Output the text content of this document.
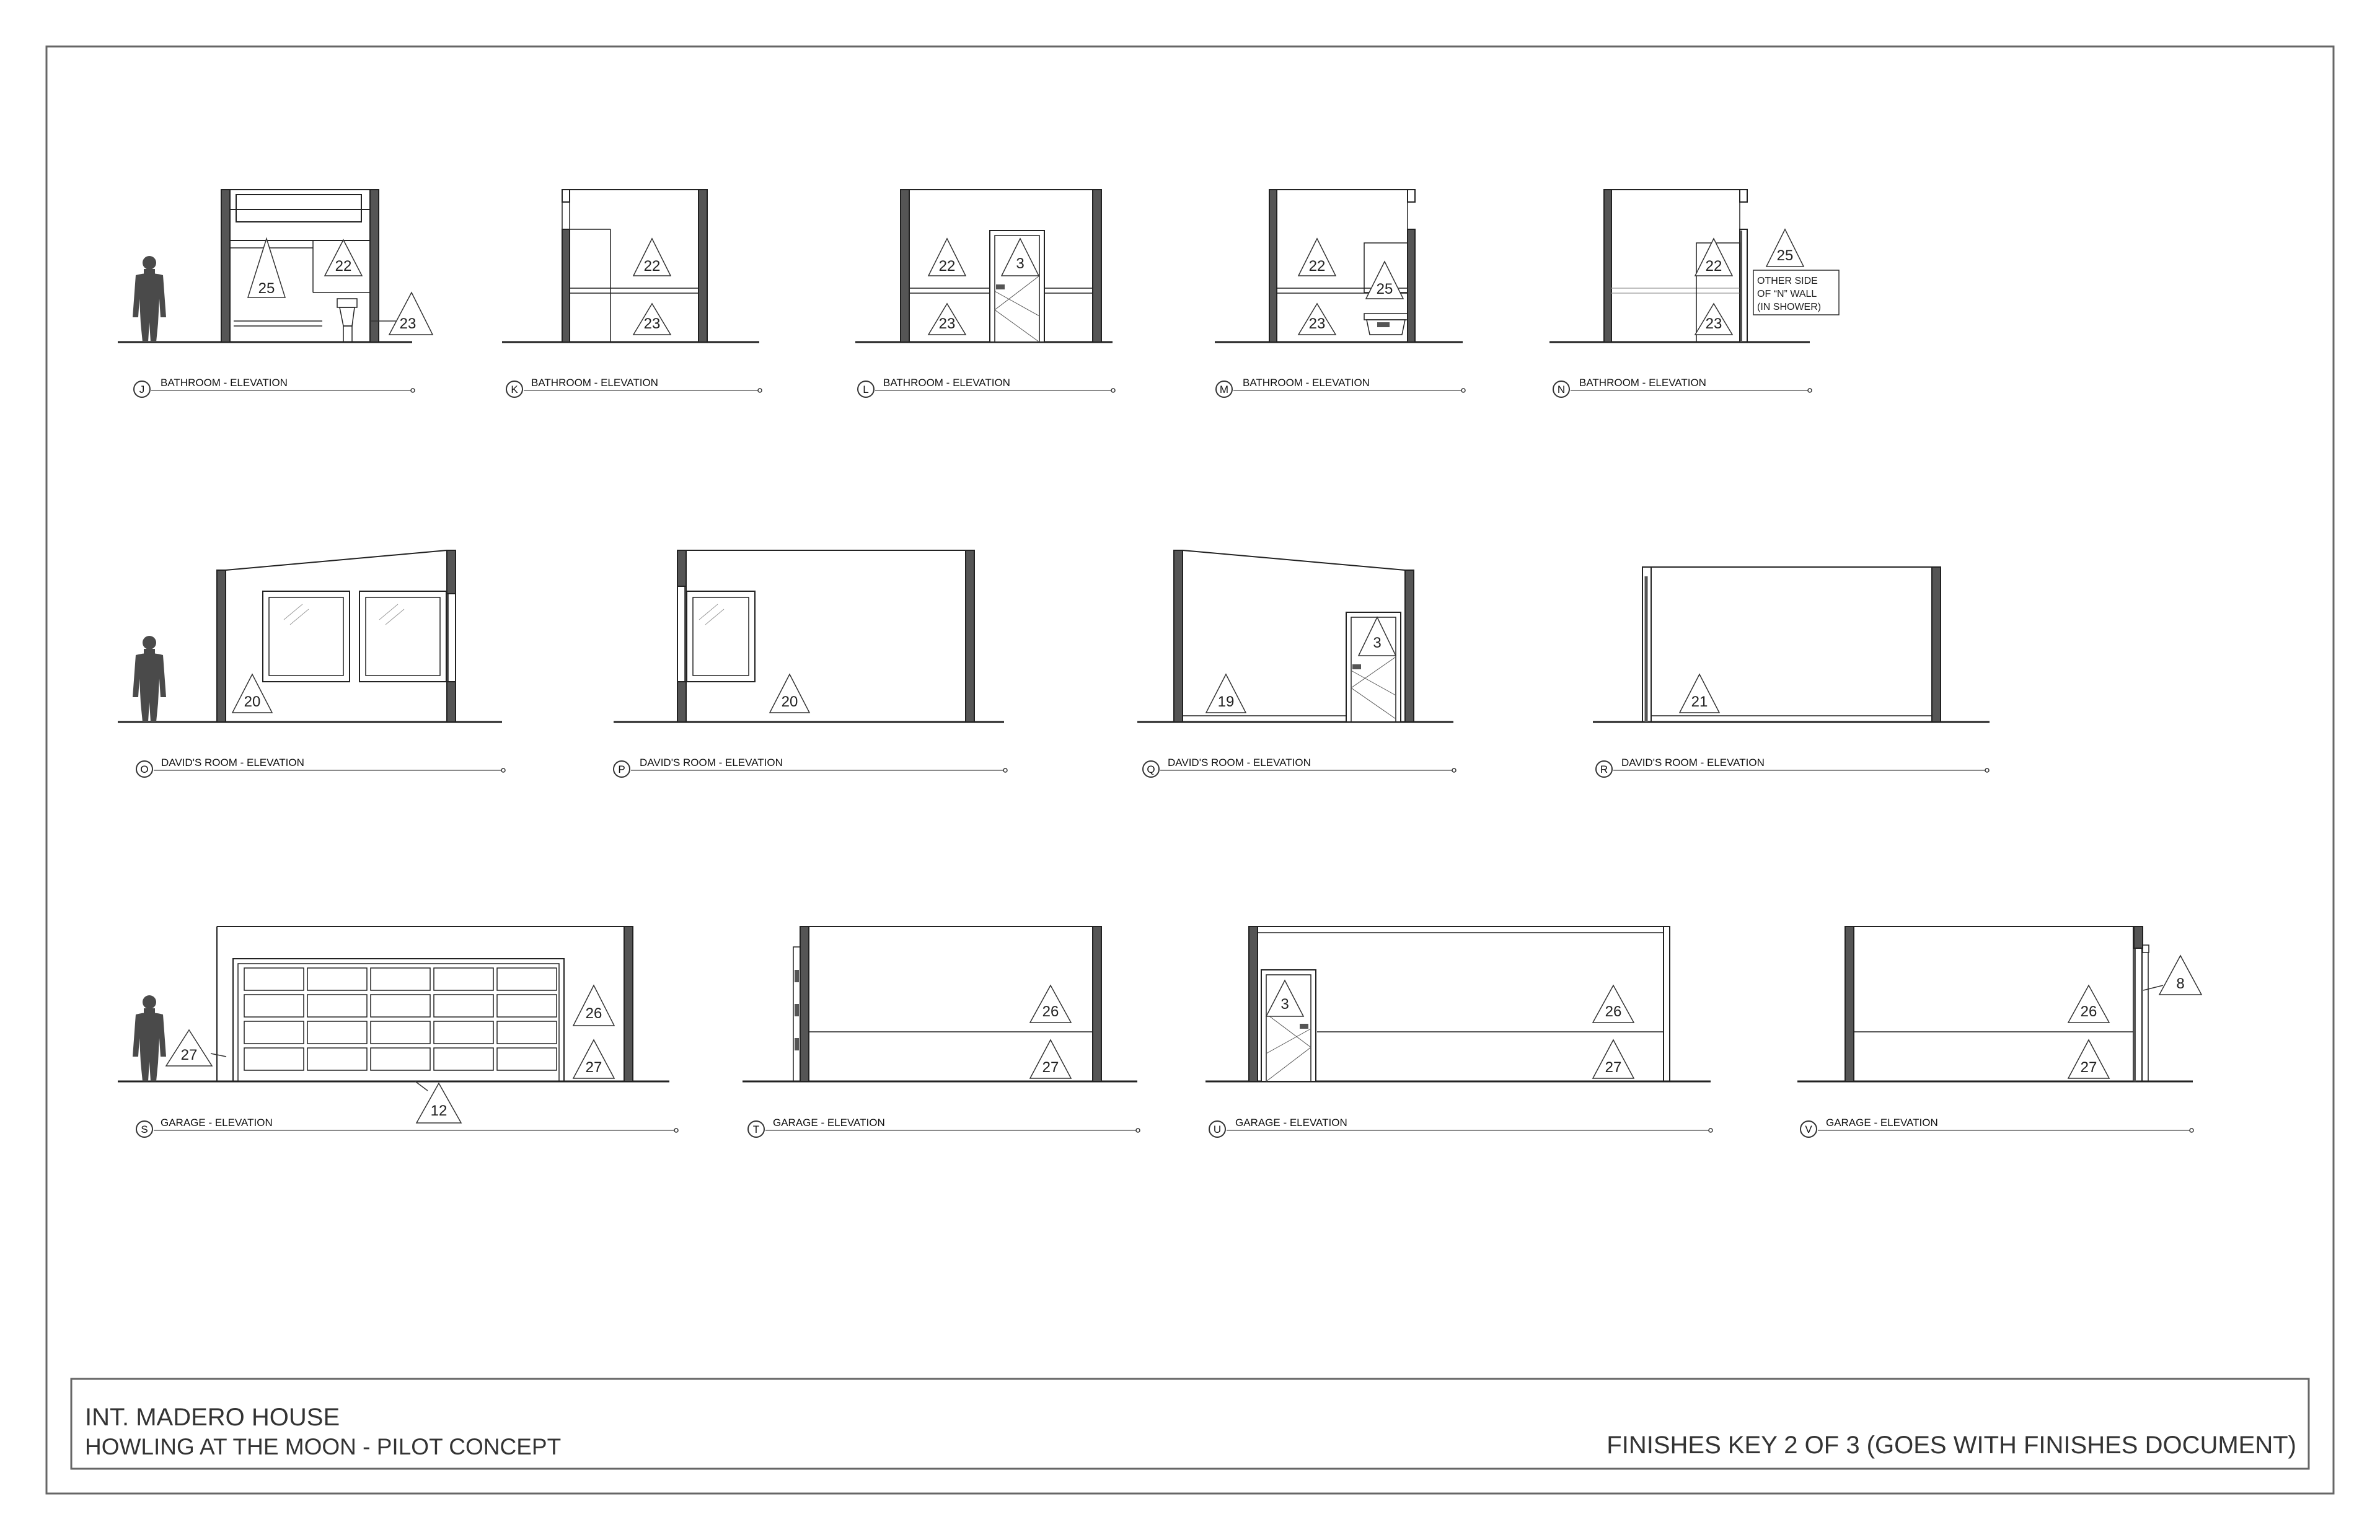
25
22
23
J
BATHROOM - ELEVATION
22
23
K
BATHROOM - ELEVATION
22	3
23
L
BATHROOM - ELEVATION
22
25
23
M
BATHROOM - ELEVATION
22
23
25
OTHER SIDE
OF “N” WALL
(IN SHOWER)
N
BATHROOM - ELEVATION
20
O
DAVID'S ROOM - ELEVATION
20
P
DAVID'S ROOM - ELEVATION
3
19
Q
DAVID'S ROOM - ELEVATION
21
R
DAVID'S ROOM - ELEVATION
26
27
27
12
S
GARAGE - ELEVATION
26
27
T
GARAGE - ELEVATION
3	26
27
U
GARAGE - ELEVATION
26
27
8
V
GARAGE - ELEVATION
INT. MADERO HOUSE
HOWLING AT THE MOON - PILOT CONCEPT	FINISHES KEY 2 OF 3 (GOES WITH FINISHES DOCUMENT)
